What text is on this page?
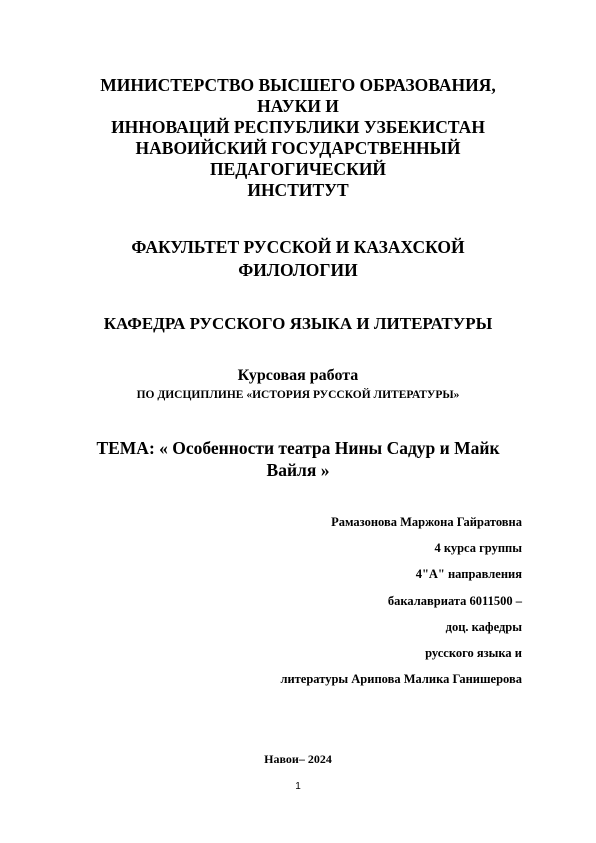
МИНИСТЕРСТВО ВЫСШЕГО ОБРАЗОВАНИЯ,
НАУКИ И
ИННОВАЦИЙ РЕСПУБЛИКИ УЗБЕКИСТАН
НАВОИЙСКИЙ ГОСУДАРСТВЕННЫЙ
ПЕДАГОГИЧЕСКИЙ
ИНСТИТУТ
ФАКУЛЬТЕТ РУССКОЙ И КАЗАХСКОЙ
ФИЛОЛОГИИ
КАФЕДРА РУССКОГО ЯЗЫКА И ЛИТЕРАТУРЫ
Курсовая работа
ПО ДИСЦИПЛИНЕ «ИСТОРИЯ РУССКОЙ ЛИТЕРАТУРЫ»
ТЕМА: « Особенности театра Нины Садур и Майк
Вайля »
Рамазонова Маржона Гайратовна
4 курса группы
4"А" направления
бакалавриата 6011500 –
доц. кафедры
русского языка и
литературы Арипова Малика Ганишерова
Навои– 2024
1
